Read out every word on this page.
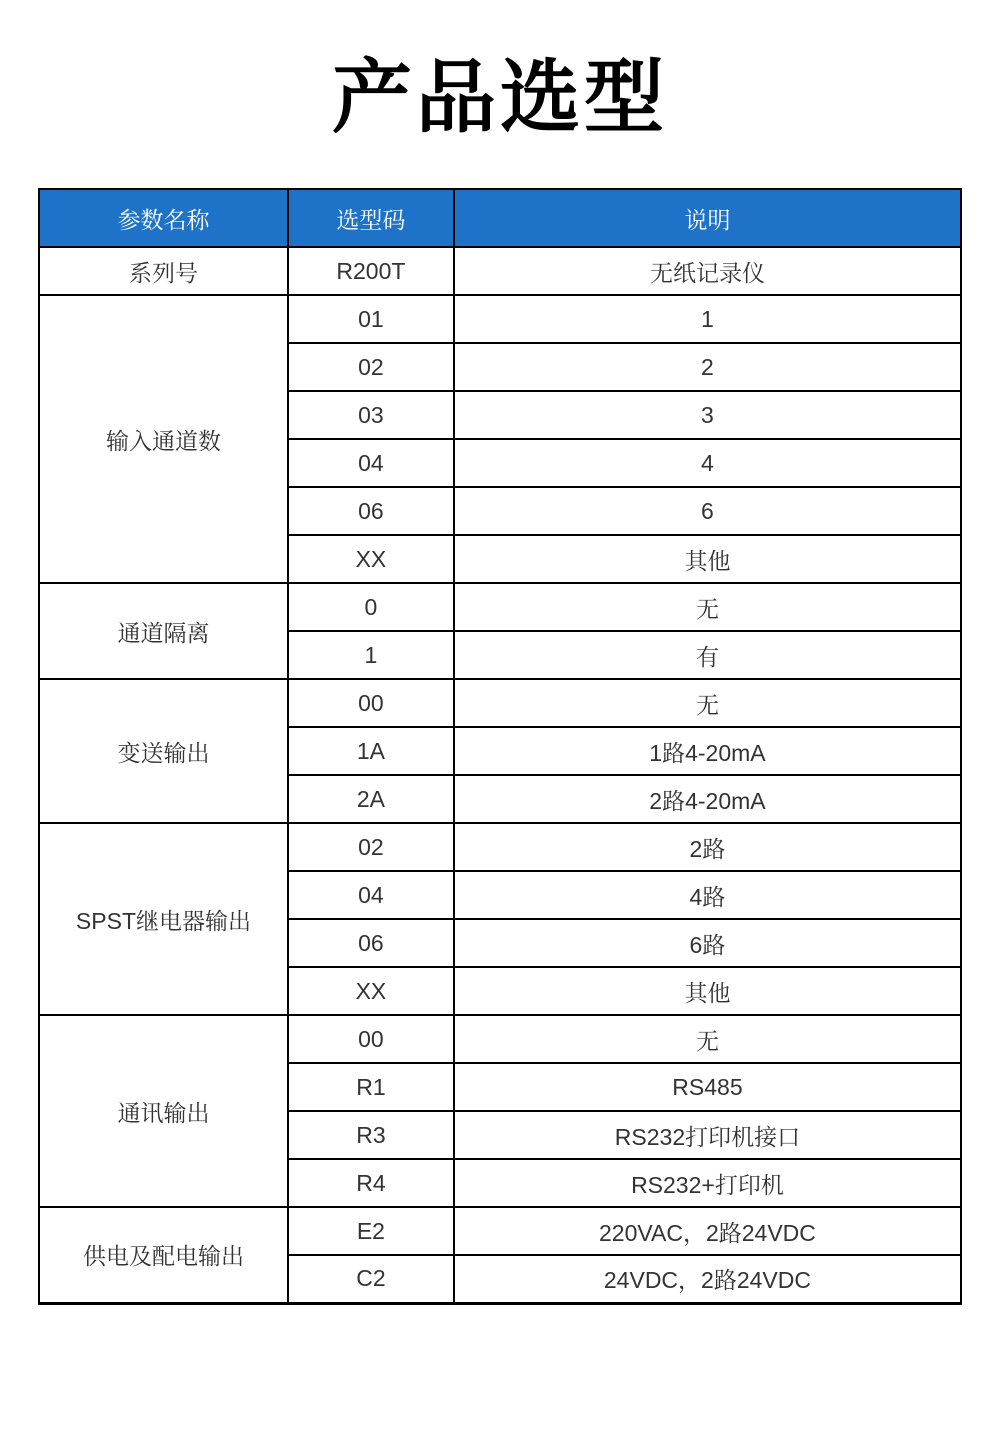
产品选型
参数名称	选型码	说明
系列号	R200T	无纸记录仪
输入通道数	01	1
	02	2
	03	3
	04	4
	06	6
	XX	其他
通道隔离	0	无
	1	有
变送输出	00	无
	1A	1路4-20mA
	2A	2路4-20mA
SPST继电器输出	02	2路
	04	4路
	06	6路
	XX	其他
通讯输出	00	无
	R1	RS485
	R3	RS232打印机接口
	R4	RS232+打印机
供电及配电输出	E2	220VAC，2路24VDC
	C2	24VDC，2路24VDC
